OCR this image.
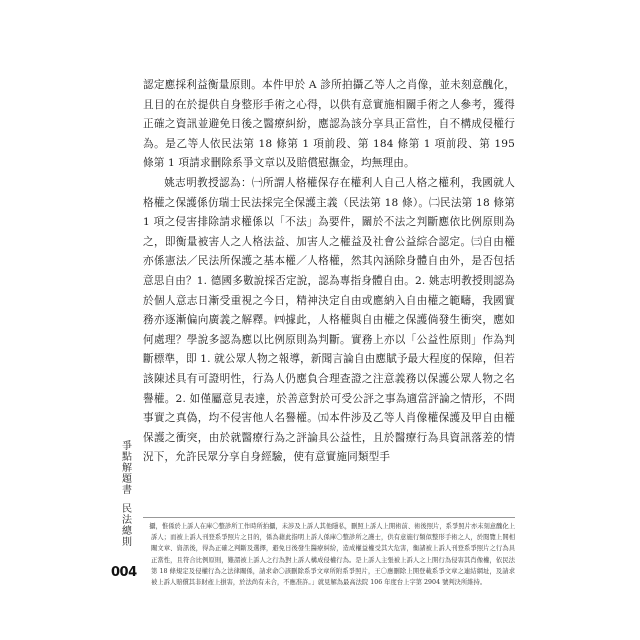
認定應採利益衡量原則。本件甲於 A 診所拍攝乙等人之肖像，並未刻意醜化，且目的在於提供自身整形手術之心得，以供有意實施相關手術之人參考，獲得正確之資訊並避免日後之醫療糾紛，應認為該分享具正當性，自不構成侵權行為。是乙等人依民法第 18 條第 1 項前段、第 184 條第 1 項前段、第 195 條第 1 項請求刪除系爭文章以及賠償慰撫金，均無理由。

姚志明教授認為：㈠所謂人格權保存在權利人自己人格之權利，我國就人格權之保護係仿瑞士民法採完全保護主義（民法第 18 條）。㈡民法第 18 條第 1 項之侵害排除請求權係以「不法」為要件，關於不法之判斷應依比例原則為之，即衡量被害人之人格法益、加害人之權益及社會公益綜合認定。㈢自由權亦係憲法／民法所保護之基本權／人格權，然其內涵除身體自由外，是否包括意思自由？1. 德國多數說採否定說，認為專指身體自由。2. 姚志明教授則認為於個人意志日漸受重視之今日，精神決定自由或應納入自由權之範疇，我國實務亦逐漸偏向廣義之解釋。㈣據此，人格權與自由權之保護倘發生衝突，應如何處理？學說多認為應以比例原則為判斷。實務上亦以「公益性原則」作為判斷標準，即 1. 就公眾人物之報導，新聞言論自由應賦予最大程度的保障，但若該陳述具有可證明性，行為人仍應負合理查證之注意義務以保護公眾人物之名譽權。2. 如僅屬意見表達，於善意對於可受公評之事為適當評論之情形，不問事實之真偽，均不侵害他人名譽權。㈤本件涉及乙等人肖像權保護及甲自由權保護之衝突，由於就醫療行為之評論具公益性，且於醫療行為具資訊落差的情況下，允許民眾分享自身經驗，使有意實施同類型手

爭點解題書
民法總則
004

　攝，惟係於上訴人在庫〇整診所工作時所拍攝，未涉及上訴人其他隱私，刪照上訴人上開術前、術後照片，系爭照片亦未刻意醜化上訴人；而被上訴人刊登系爭照片之目的，係為藉此指明上訴人係庫〇整診所之護士，供有意施行類似整形手術之人，於閱覽上開相關文章、資訊後，得為正確之判斷及選擇，避免日後發生醫療糾紛，造成權益權受其大危害，衡諸被上訴人刊登系爭照片之行為具正當性，且符合比例原則，難謂被上訴人之行為對上訴人構成侵權行為。是上訴人主張被上訴人之上開行為侵害其肖像權，依民法第 18 條規定及侵權行為之法律關係，請求命〇該刪除系爭文章所附系爭照片，王〇應刪除上開登載系爭文章之連結網址，及請求被上訴人賠償其非財產上損害，於法尚有未合，不應准許。」就見解為最高法院 106 年度台上字第 2904 號判決所維持。
